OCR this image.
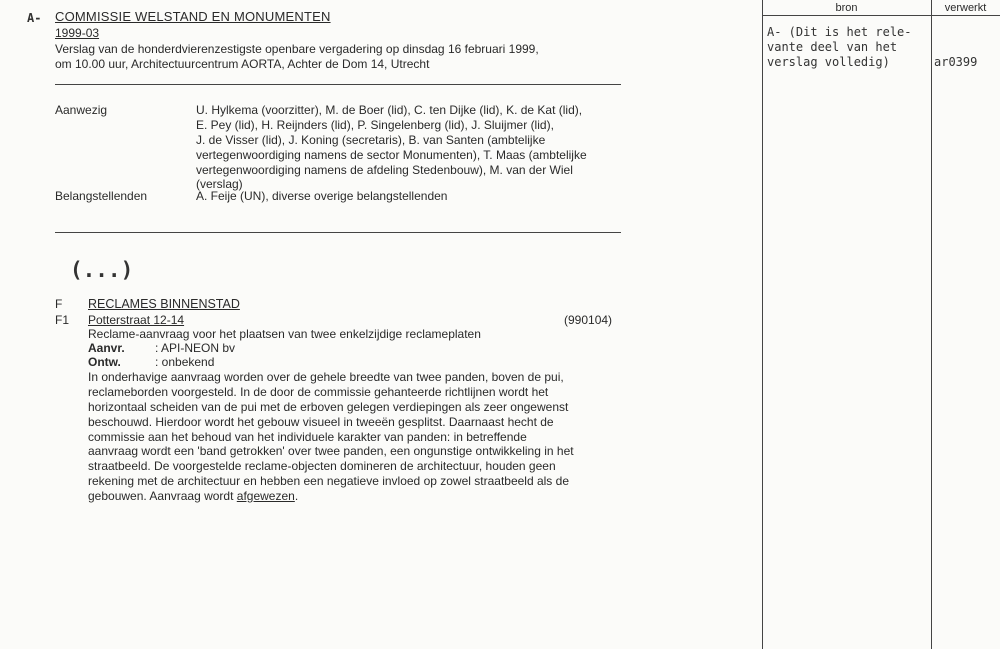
A- COMMISSIE WELSTAND EN MONUMENTEN
1999-03
Verslag van de honderdvierenzestigste openbare vergadering op dinsdag 16 februari 1999,
om 10.00 uur, Architectuurcentrum AORTA, Achter de Dom 14, Utrecht
Aanwezig	U. Hylkema (voorzitter), M. de Boer (lid), C. ten Dijke (lid), K. de Kat (lid),
E. Pey (lid), H. Reijnders (lid), P. Singelenberg (lid), J. Sluijmer (lid),
J. de Visser (lid), J. Koning (secretaris), B. van Santen (ambtelijke
vertegenwoordiging namens de sector Monumenten), T. Maas (ambtelijke
vertegenwoordiging namens de afdeling Stedenbouw), M. van der Wiel
(verslag)
Belangstellenden	A. Feije (UN), diverse overige belangstellenden
(...)
F RECLAMES BINNENSTAD
F1 Potterstraat 12-14	(990104)
Reclame-aanvraag voor het plaatsen van twee enkelzijdige reclameplaten
Aanvr.	: API-NEON bv
Ontw.	: onbekend
In onderhavige aanvraag worden over de gehele breedte van twee panden, boven de pui,
reclameborden voorgesteld. In de door de commissie gehanteerde richtlijnen wordt het
horizontaal scheiden van de pui met de erboven gelegen verdiepingen als zeer ongewenst
beschouwd. Hierdoor wordt het gebouw visueel in tweeën gesplitst. Daarnaast hecht de
commissie aan het behoud van het individuele karakter van panden: in betreffende
aanvraag wordt een 'band getrokken' over twee panden, een ongunstige ontwikkeling in het
straatbeeld. De voorgestelde reclame-objecten domineren de architectuur, houden geen
rekening met de architectuur en hebben een negatieve invloed op zowel straatbeeld als de
gebouwen. Aanvraag wordt afgewezen.
bron	verwerkt
A- (Dit is het rele-
vante deel van het
verslag volledig)	ar0399
